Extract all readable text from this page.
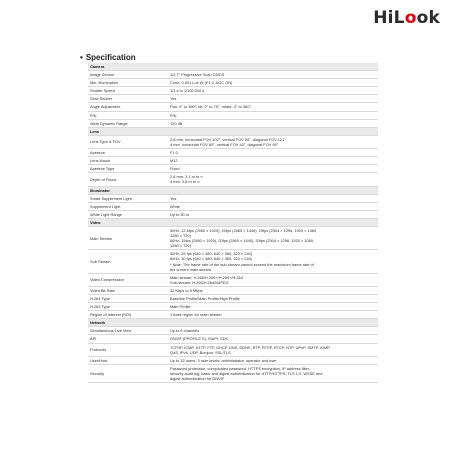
HiLook
• Specification
Camera	
Image Sensor	1/2.7" Progressive Scan CMOS

Min. Illumination	Color: 0.001 Lux @ (F1.0, AGC ON)

Shutter Speed	1/3 s to 1/100,000 s

Slow Shutter	Yes

Angle Adjustment	Pan: 0° to 360°, tilt: 0° to 75°, rotate: 0° to 360°

P/N	P/N

Wide Dynamic Range	120 dB

Lens	
Lens Type & FOV	2.8 mm, horizontal FOV 102°, vertical FOV 54°, diagonal FOV 121°
4 mm, horizontal FOV 80°, vertical FOV 43°, diagonal FOV 99°

Aperture	F1.0

Lens Mount	M12

Aperture Type	Fixed

Depth of Focus	2.8 mm: 3.1 m to ∞
4 mm: 3.6 m to ∞

Illuminator	
Smart Supplement Light	Yes

Supplement Light	White

White Light Range	Up to 30 m

Video	
Main Stream	50Hz: 12.5fps (2560 × 1920), 20fps (2560 × 1440), 25fps (2304 × 1296, 1920 × 1080,
1280 × 720)
60Hz: 15fps (2560 × 1920), 20fps (2560 × 1440), 30fps (2304 × 1296, 1920 × 1080,
1280 × 720)

Sub Stream	50Hz: 25 fps (640 × 480, 640 × 360, 320 × 240)
60Hz: 30 fps (640 × 480, 640 × 360, 320 × 240)
* Note: The frame rate of the sub-stream cannot exceed the maximum frame rate of
the current main stream.

Video Compression	Main stream: H.265/H.265+/H.264+/H.264
Sub-stream: H.265/H.264/MJPEG

Video Bit Rate	32 Kbps to 8 Mbps

H.264 Type	Baseline Profile/Main Profile/High Profile

H.265 Type	Main Profile

Region of Interest (ROI)	1 fixed region for main stream

Network	
Simultaneous Live View	Up to 6 channels

API	ONVIF (PROFILE S), ISAPI, SDK

Protocols	TCP/IP, ICMP, HTTP, FTP, DHCP, DNS, DDNS, RTP, RTSP, RTCP, NTP, UPnP, SMTP, IGMP,
QoS, IPv6, UDP, Bonjour, SSL/TLS

User/Host	Up to 32 users. 3 user levels: administrator, operator and user

Security	Password protection, complicated password, HTTPS encryption, IP address filter,
security audit log, basic and digest authentication for HTTP/HTTPS, TLS 1.2, WSSE and
digest authentication for ONVIF
